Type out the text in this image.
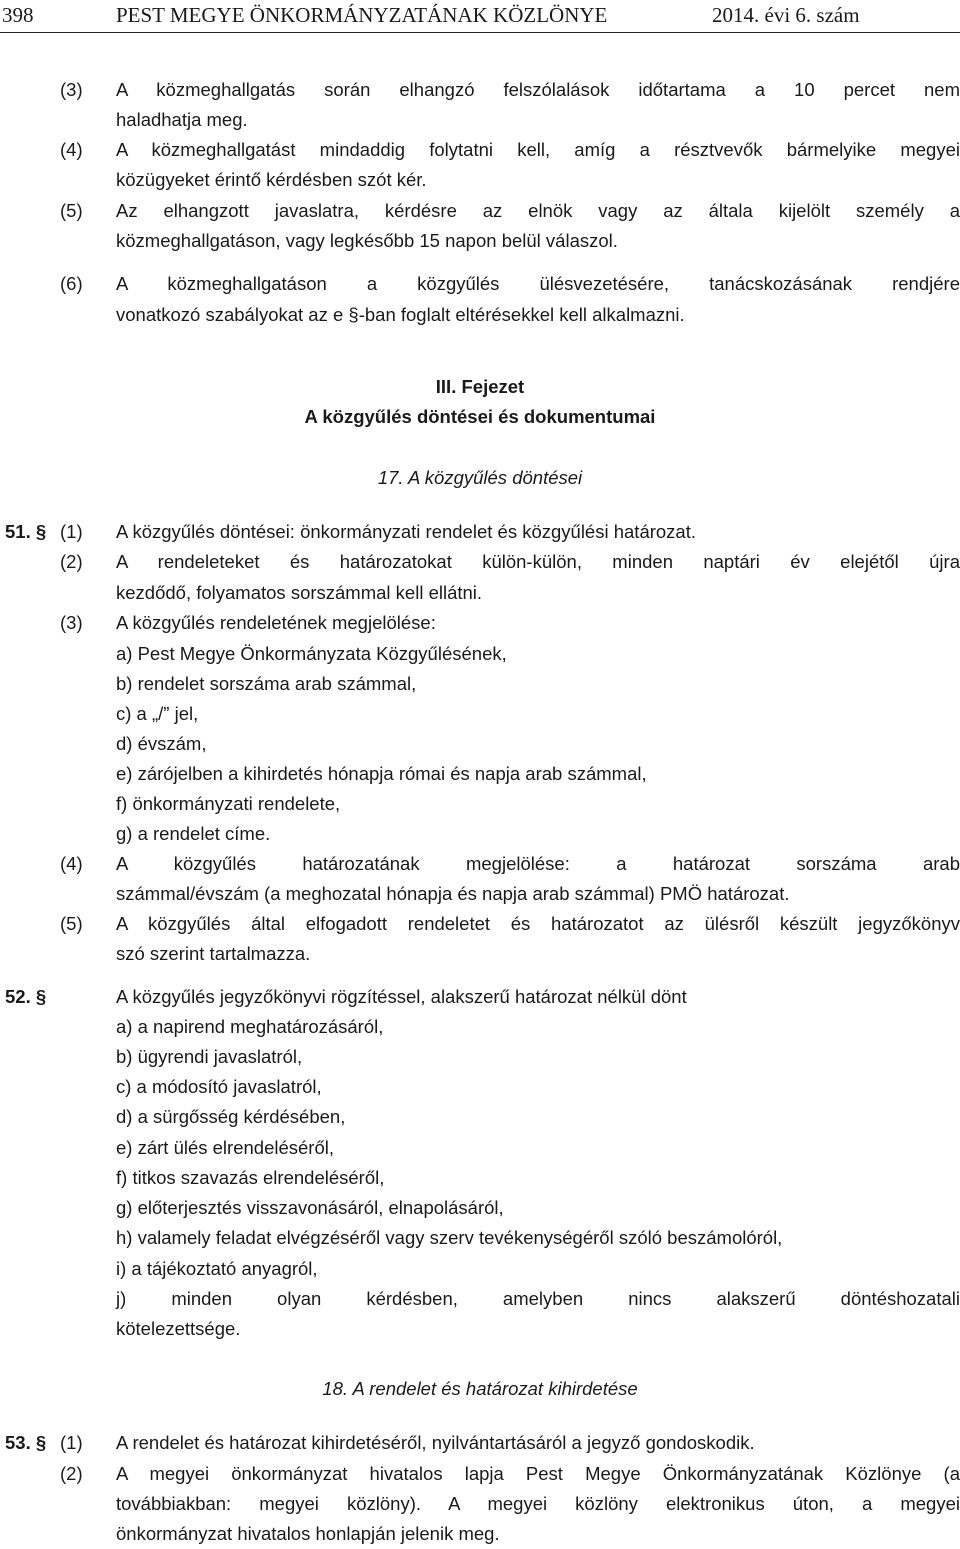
398	PEST MEGYE ÖNKORMÁNYZATÁNAK KÖZLÖNYE	2014. évi 6. szám
(3) A közmeghallgatás során elhangzó felszólalások időtartama a 10 percet nem
haladhatja meg.
(4) A közmeghallgatást mindaddig folytatni kell, amíg a résztvevők bármelyike megyei
közügyeket érintő kérdésben szót kér.
(5) Az elhangzott javaslatra, kérdésre az elnök vagy az általa kijelölt személy a
közmeghallgatáson, vagy legkésőbb 15 napon belül válaszol.
(6) A közmeghallgatáson a közgyűlés ülésvezetésére, tanácskozásának rendjére
vonatkozó szabályokat az e §-ban foglalt eltérésekkel kell alkalmazni.
III. Fejezet
A közgyűlés döntései és dokumentumai
17. A közgyűlés döntései
51. § (1) A közgyűlés döntései: önkormányzati rendelet és közgyűlési határozat.
(2) A rendeleteket és határozatokat külön-külön, minden naptári év elejétől újra
kezdődő, folyamatos sorszámmal kell ellátni.
(3) A közgyűlés rendeletének megjelölése:
a) Pest Megye Önkormányzata Közgyűlésének,
b) rendelet sorszáma arab számmal,
c) a „/” jel,
d) évszám,
e) zárójelben a kihirdetés hónapja római és napja arab számmal,
f) önkormányzati rendelete,
g) a rendelet címe.
(4) A közgyűlés határozatának megjelölése: a határozat sorszáma arab
számmal/évszám (a meghozatal hónapja és napja arab számmal) PMÖ határozat.
(5) A közgyűlés által elfogadott rendeletet és határozatot az ülésről készült jegyzőkönyv
szó szerint tartalmazza.
52. §	A közgyűlés jegyzőkönyvi rögzítéssel, alakszerű határozat nélkül dönt
a) a napirend meghatározásáról,
b) ügyrendi javaslatról,
c) a módosító javaslatról,
d) a sürgősség kérdésében,
e) zárt ülés elrendeléséről,
f) titkos szavazás elrendeléséről,
g) előterjesztés visszavonásáról, elnapolásáról,
h) valamely feladat elvégzéséről vagy szerv tevékenységéről szóló beszámolóról,
i) a tájékoztató anyagról,
j) minden olyan kérdésben, amelyben nincs alakszerű döntéshozatali
kötelezettsége.
18. A rendelet és határozat kihirdetése
53. § (1) A rendelet és határozat kihirdetéséről, nyilvántartásáról a jegyző gondoskodik.
(2) A megyei önkormányzat hivatalos lapja Pest Megye Önkormányzatának Közlönye (a
továbbiakban: megyei közlöny). A megyei közlöny elektronikus úton, a megyei
önkormányzat hivatalos honlapján jelenik meg.
